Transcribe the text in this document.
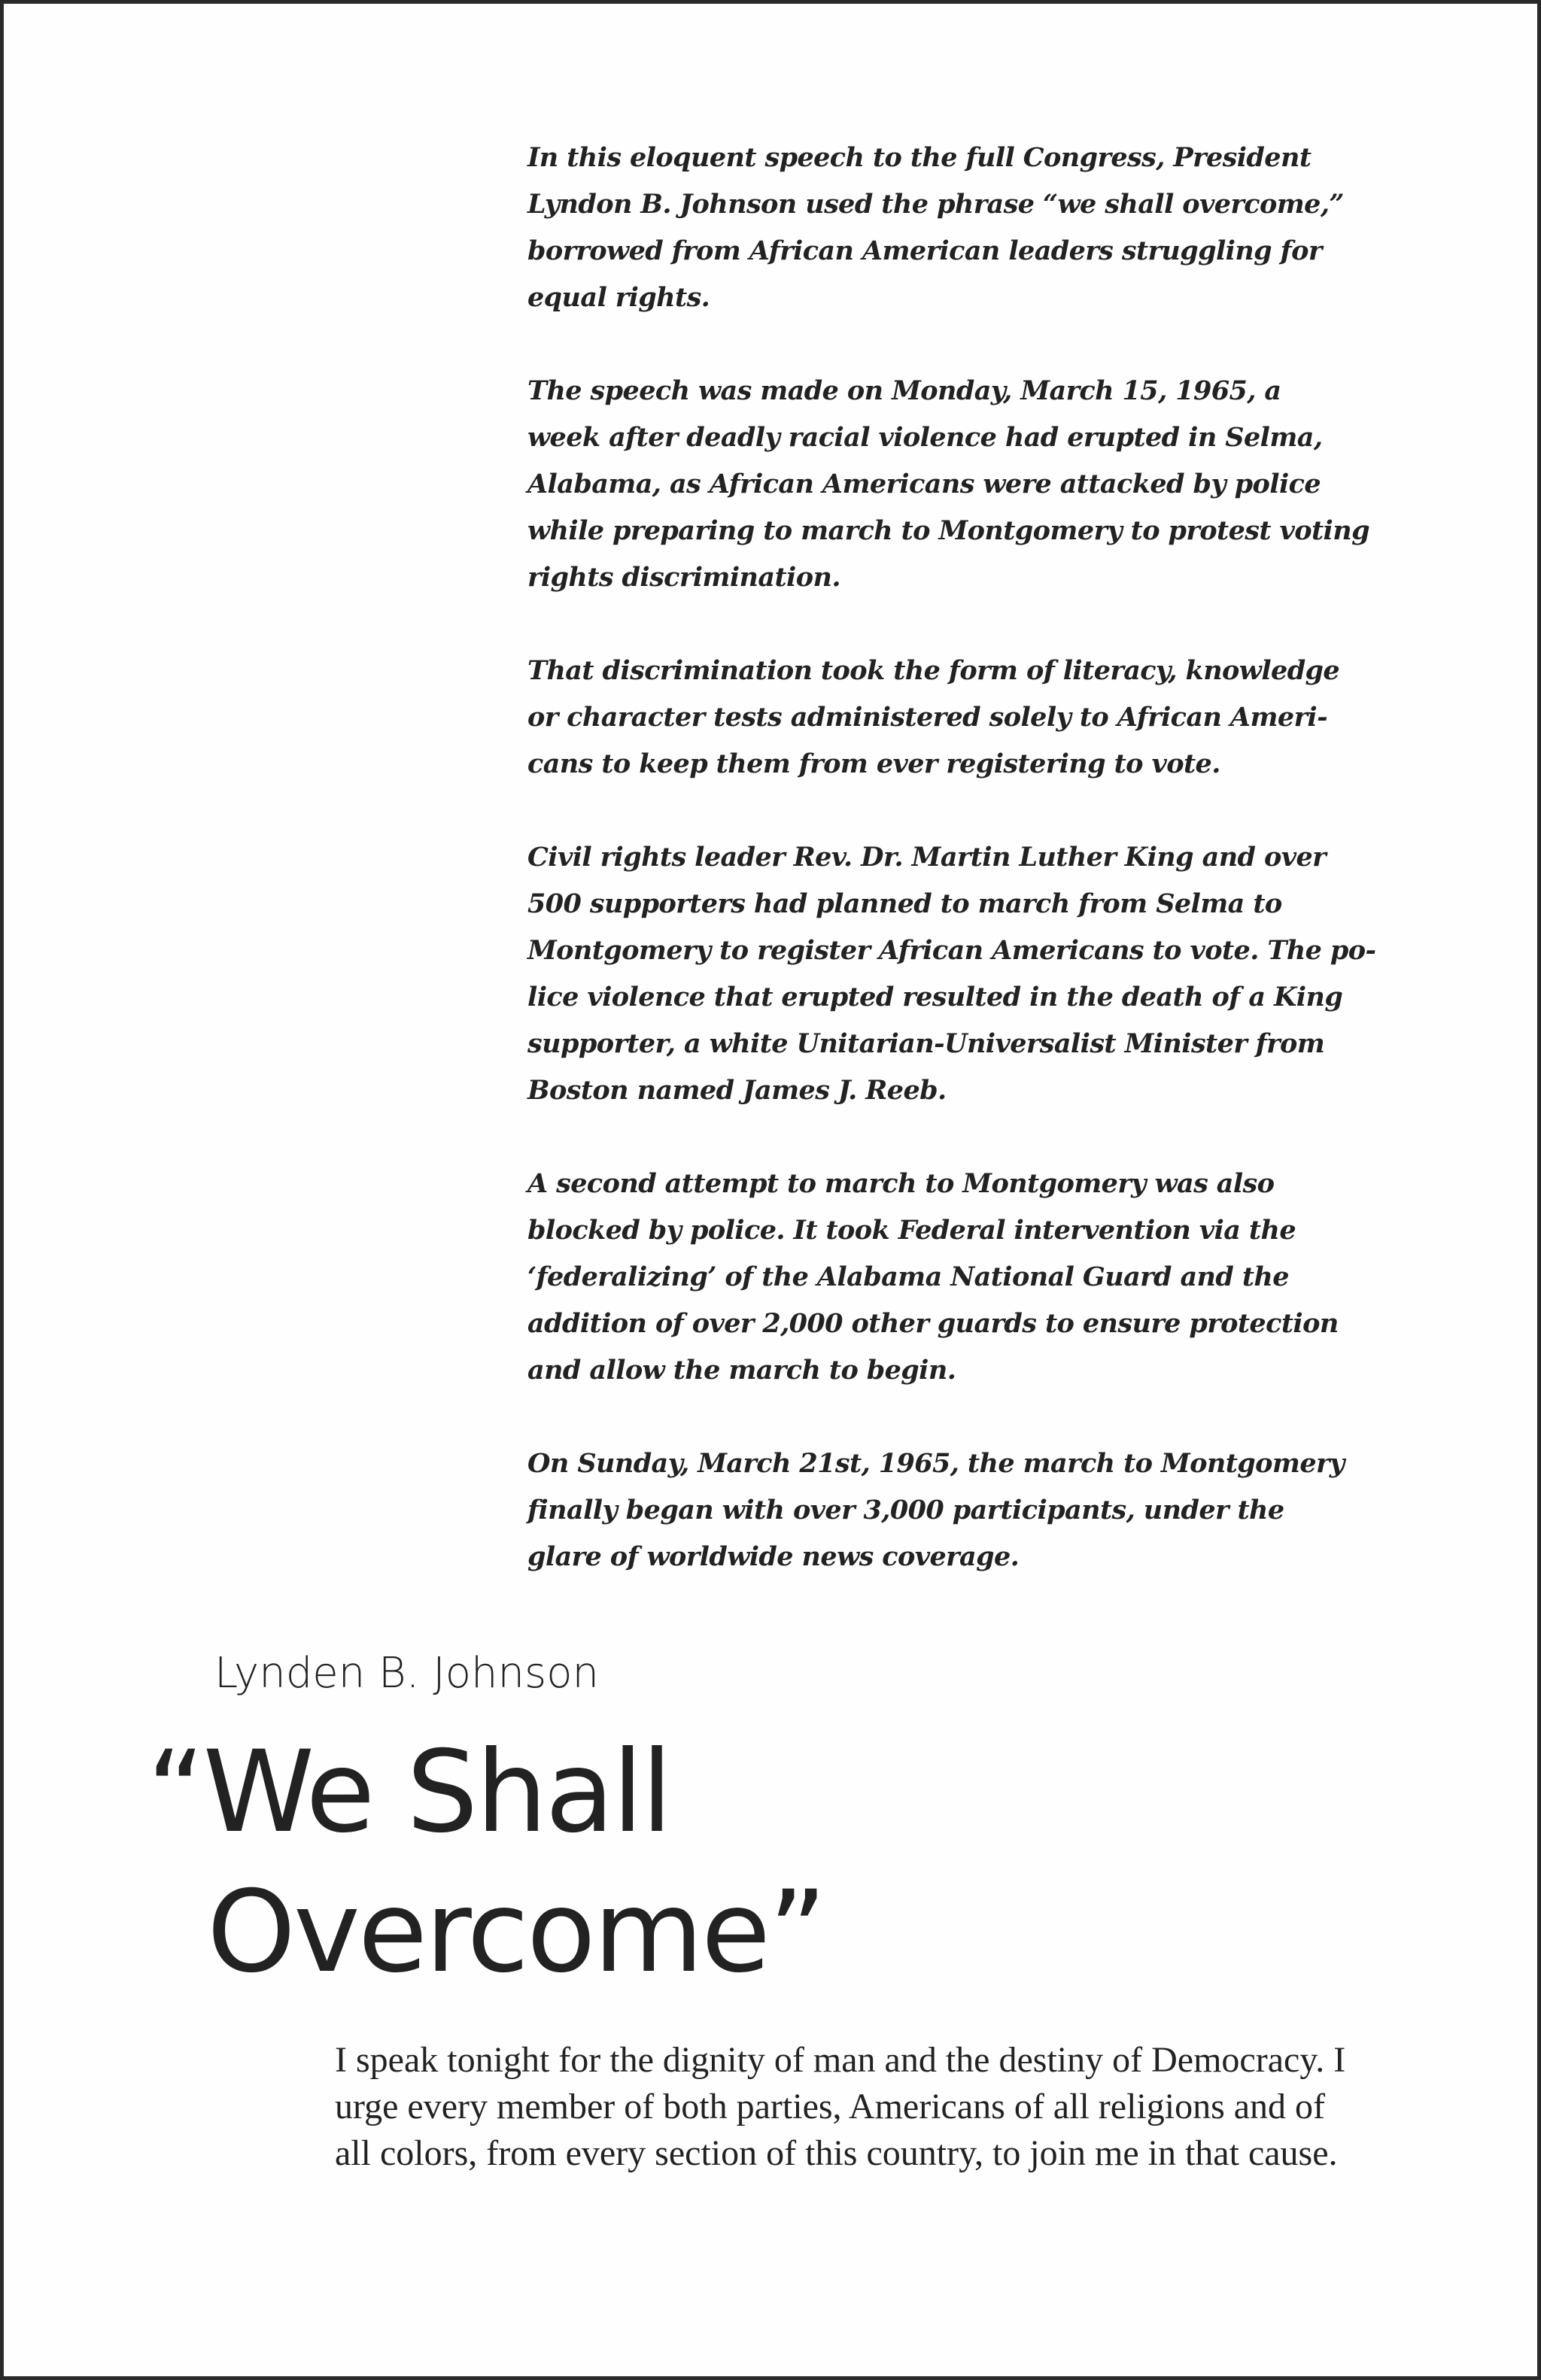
In this eloquent speech to the full Congress, President
Lyndon B. Johnson used the phrase “we shall overcome,”
borrowed from African American leaders struggling for
equal rights.

The speech was made on Monday, March 15, 1965, a
week after deadly racial violence had erupted in Selma,
Alabama, as African Americans were attacked by police
while preparing to march to Montgomery to protest voting
rights discrimination.

That discrimination took the form of literacy, knowledge
or character tests administered solely to African Ameri-
cans to keep them from ever registering to vote.

Civil rights leader Rev. Dr. Martin Luther King and over
500 supporters had planned to march from Selma to
Montgomery to register African Americans to vote. The po-
lice violence that erupted resulted in the death of a King
supporter, a white Unitarian-Universalist Minister from
Boston named James J. Reeb.

A second attempt to march to Montgomery was also
blocked by police. It took Federal intervention via the
‘federalizing’ of the Alabama National Guard and the
addition of over 2,000 other guards to ensure protection
and allow the march to begin.

On Sunday, March 21st, 1965, the march to Montgomery
finally began with over 3,000 participants, under the
glare of worldwide news coverage.

Lynden B. Johnson
“We Shall
Overcome”
I speak tonight for the dignity of man and the destiny of Democracy. I
urge every member of both parties, Americans of all religions and of
all colors, from every section of this country, to join me in that cause.
